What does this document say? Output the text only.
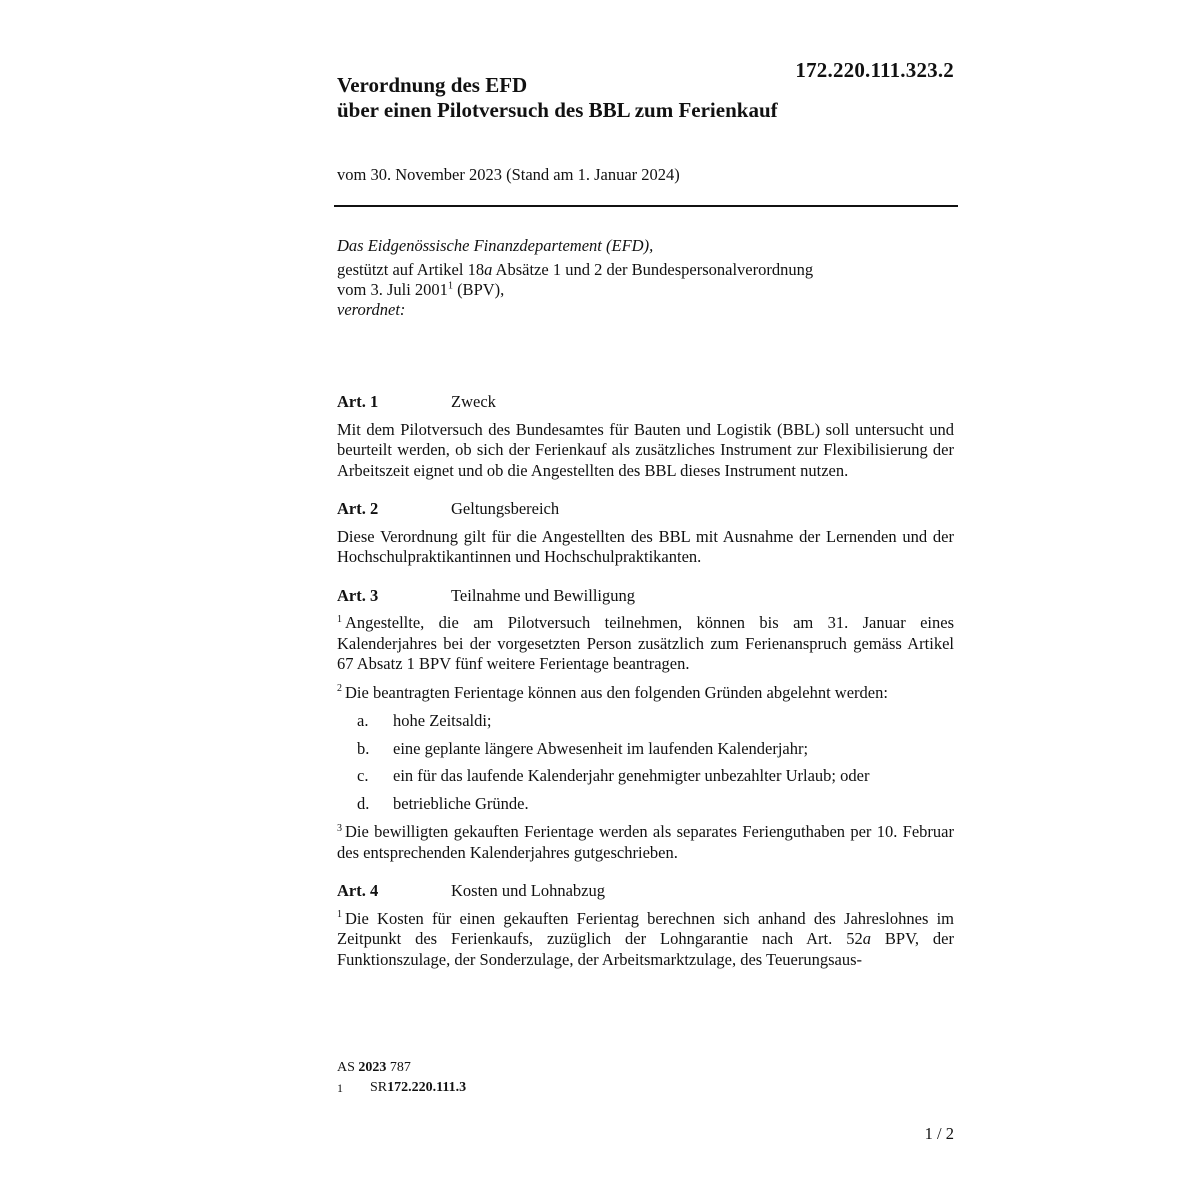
172.220.111.323.2
Verordnung des EFD
über einen Pilotversuch des BBL zum Ferienkauf
vom 30. November 2023 (Stand am 1. Januar 2024)
Das Eidgenössische Finanzdepartement (EFD),
gestützt auf Artikel 18a Absätze 1 und 2 der Bundespersonalverordnung
vom 3. Juli 2001$^1$ (BPV),
verordnet:
Art. 1	Zweck

Mit dem Pilotversuch des Bundesamtes für Bauten und Logistik (BBL) soll untersucht und beurteilt werden, ob sich der Ferienkauf als zusätzliches Instrument zur Flexibilisierung der Arbeitszeit eignet und ob die Angestellten des BBL dieses Instrument nutzen.

Art. 2	Geltungsbereich

Diese Verordnung gilt für die Angestellten des BBL mit Ausnahme der Lernenden und der Hochschulpraktikantinnen und Hochschulpraktikanten.

Art. 3	Teilnahme und Bewilligung

$^1$ Angestellte, die am Pilotversuch teilnehmen, können bis am 31. Januar eines Kalenderjahres bei der vorgesetzten Person zusätzlich zum Ferienanspruch gemäss Artikel 67 Absatz 1 BPV fünf weitere Ferientage beantragen.

$^2$ Die beantragten Ferientage können aus den folgenden Gründen abgelehnt werden:

a.	hohe Zeitsaldi;
b.	eine geplante längere Abwesenheit im laufenden Kalenderjahr;
c.	ein für das laufende Kalenderjahr genehmigter unbezahlter Urlaub; oder
d.	betriebliche Gründe.

$^3$ Die bewilligten gekauften Ferientage werden als separates Ferienguthaben per 10. Februar des entsprechenden Kalenderjahres gutgeschrieben.

Art. 4	Kosten und Lohnabzug

$^1$ Die Kosten für einen gekauften Ferientag berechnen sich anhand des Jahreslohnes im Zeitpunkt des Ferienkaufs, zuzüglich der Lohngarantie nach Art. 52a BPV, der Funktionszulage, der Sonderzulage, der Arbeitsmarktzulage, des Teuerungsaus-

AS 2023 787
1	SR 172.220.111.3
1 / 2
